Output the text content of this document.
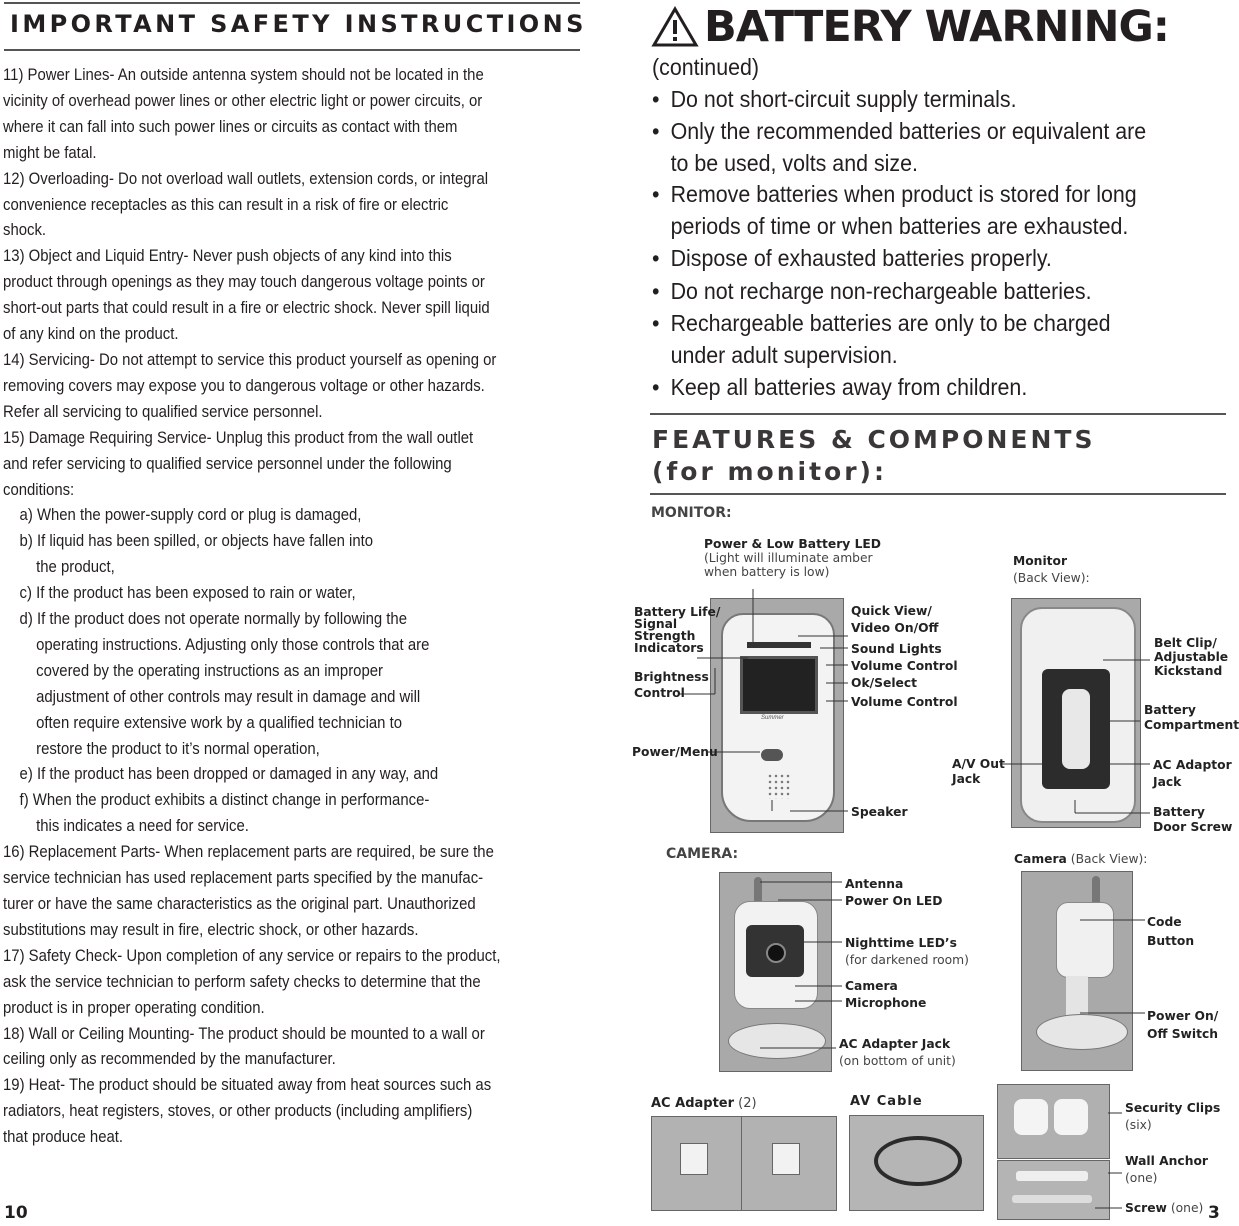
IMPORTANT SAFETY INSTRUCTIONS

11) Power Lines- An outside antenna system should not be located in the

vicinity of overhead power lines or other electric light or power circuits, or

where it can fall into such power lines or circuits as contact with them

might be fatal.

12) Overloading- Do not overload wall outlets, extension cords, or integral

convenience receptacles as this can result in a risk of fire or electric

shock.

13) Object and Liquid Entry- Never push objects of any kind into this

product through openings as they may touch dangerous voltage points or

short-out parts that could result in a fire or electric shock. Never spill liquid

of any kind on the product.

14) Servicing- Do not attempt to service this product yourself as opening or

removing covers may expose you to dangerous voltage or other hazards.

Refer all servicing to qualified service personnel.

15) Damage Requiring Service- Unplug this product from the wall outlet

and refer servicing to qualified service personnel under the following

conditions:

a) When the power-supply cord or plug is damaged,

b) If liquid has been spilled, or objects have fallen into

the product,

c) If the product has been exposed to rain or water,

d) If the product does not operate normally by following the

operating instructions. Adjusting only those controls that are

covered by the operating instructions as an improper

adjustment of other controls may result in damage and will

often require extensive work by a qualified technician to

restore the product to it’s normal operation,

e) If the product has been dropped or damaged in any way, and

f) When the product exhibits a distinct change in performance-

this indicates a need for service.

16) Replacement Parts- When replacement parts are required, be sure the

service technician has used replacement parts specified by the manufac-

turer or have the same characteristics as the original part. Unauthorized

substitutions may result in fire, electric shock, or other hazards.

17) Safety Check- Upon completion of any service or repairs to the product,

ask the service technician to perform safety checks to determine that the

product is in proper operating condition.

18) Wall or Ceiling Mounting- The product should be mounted to a wall or

ceiling only as recommended by the manufacturer.

19) Heat- The product should be situated away from heat sources such as

radiators, heat registers, stoves, or other products (including amplifiers)

that produce heat.

10
BATTERY WARNING:

(continued)

• Do not short-circuit supply terminals.
• Only the recommended batteries or equivalent are
to be used, volts and size.
• Remove batteries when product is stored for long
periods of time or when batteries are exhausted.
• Dispose of exhausted batteries properly.
• Do not recharge non-rechargeable batteries.
• Rechargeable batteries are only to be charged
under adult supervision.
• Keep all batteries away from children.
FEATURES & COMPONENTS
(for monitor):
MONITOR:
CAMERA:
Summer
Power & Low Battery LED
(Light will illuminate amber
when battery is low)
Battery Life/
Signal
Strength
Indicators
Brightness
Control
Power/Menu
Quick View/
Video On/Off
Sound Lights
Volume Control
Ok/Select
Volume Control
Speaker
Monitor
(Back View):
Belt Clip/
Adjustable
Kickstand
Battery
Compartment
A/V Out
Jack
AC Adaptor
Jack
Battery
Door Screw
Antenna
Power On LED
Nighttime LED’s
(for darkened room)
Camera
Microphone
AC Adapter Jack
(on bottom of unit)
Camera (Back View):
Code
Button
Power On/
Off Switch
AC Adapter (2)	AV Cable	Security Clips
(six)
Wall Anchor
(one)
Screw (one) 3
